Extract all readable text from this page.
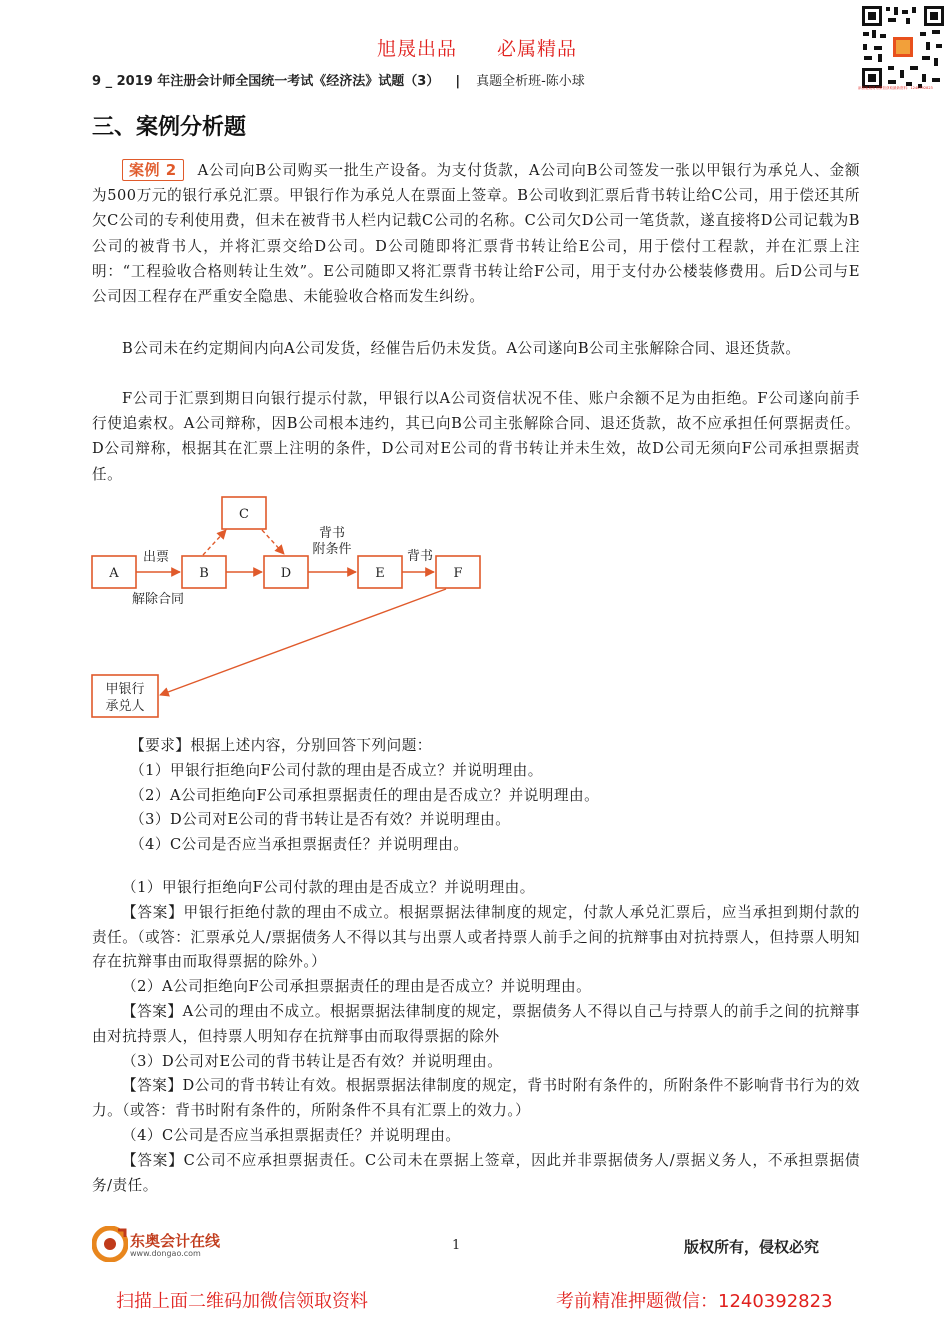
旭晟出品 必属精品
添加旭晟哥哥微信获取最新资料：1240392823
9 _ 2019 年注册会计师全国统一考试《经济法》试题（3） | 真题全析班-陈小球
三、案例分析题

案例 2 A公司向B公司购买一批生产设备。为支付货款，A公司向B公司签发一张以甲银行为承兑人、金额为500万元的银行承兑汇票。甲银行作为承兑人在票面上签章。B公司收到汇票后背书转让给C公司，用于偿还其所欠C公司的专利使用费，但未在被背书人栏内记载C公司的名称。C公司欠D公司一笔货款，遂直接将D公司记载为B公司的被背书人，并将汇票交给D公司。D公司随即将汇票背书转让给E公司，用于偿付工程款，并在汇票上注明：“工程验收合格则转让生效”。E公司随即又将汇票背书转让给F公司，用于支付办公楼装修费用。后D公司与E公司因工程存在严重安全隐患、未能验收合格而发生纠纷。

B公司未在约定期间内向A公司发货，经催告后仍未发货。A公司遂向B公司主张解除合同、退还货款。
F公司于汇票到期日向银行提示付款，甲银行以A公司资信状况不佳、账户余额不足为由拒绝。F公司遂向前手行使追索权。A公司辩称，因B公司根本违约，其已向B公司主张解除合同、退还货款，故不应承担任何票据责任。D公司辩称，根据其在汇票上注明的条件，D公司对E公司的背书转让并未生效，故D公司无须向F公司承担票据责任。
A	B
C
D	E	F
甲银行
承兑人
出票
解除合同
背书
附条件	背书

【要求】根据上述内容，分别回答下列问题：

（1）甲银行拒绝向F公司付款的理由是否成立？并说明理由。

（2）A公司拒绝向F公司承担票据责任的理由是否成立？并说明理由。

（3）D公司对E公司的背书转让是否有效？并说明理由。

（4）C公司是否应当承担票据责任？并说明理由。

（1）甲银行拒绝向F公司付款的理由是否成立？并说明理由。

【答案】甲银行拒绝付款的理由不成立。根据票据法律制度的规定，付款人承兑汇票后，应当承担到期付款的责任。（或答：汇票承兑人/票据债务人不得以其与出票人或者持票人前手之间的抗辩事由对抗持票人，但持票人明知存在抗辩事由而取得票据的除外。）

（2）A公司拒绝向F公司承担票据责任的理由是否成立？并说明理由。

【答案】A公司的理由不成立。根据票据法律制度的规定，票据债务人不得以自己与持票人的前手之间的抗辩事由对抗持票人，但持票人明知存在抗辩事由而取得票据的除外

（3）D公司对E公司的背书转让是否有效？并说明理由。

【答案】D公司的背书转让有效。根据票据法律制度的规定，背书时附有条件的，所附条件不影响背书行为的效力。（或答：背书时附有条件的，所附条件不具有汇票上的效力。）

（4）C公司是否应当承担票据责任？并说明理由。

【答案】C公司不应承担票据责任。C公司未在票据上签章，因此并非票据债务人/票据义务人，不承担票据债务/责任。

东奥会计在线
www.dongao.com
1	版权所有，侵权必究
扫描上面二维码加微信领取资料	考前精准押题微信：1240392823
